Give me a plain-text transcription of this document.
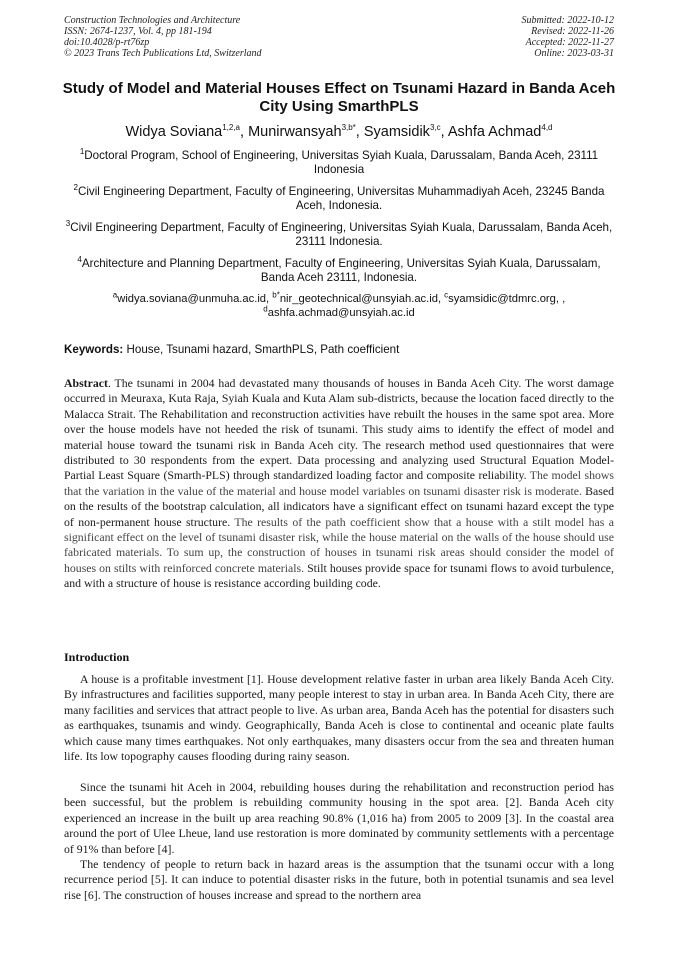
Construction Technologies and Architecture
ISSN: 2674-1237, Vol. 4, pp 181-194
doi:10.4028/p-rt76zp
© 2023 Trans Tech Publications Ltd, Switzerland
Submitted: 2022-10-12
Revised: 2022-11-26
Accepted: 2022-11-27
Online: 2023-03-31
Study of Model and Material Houses Effect on Tsunami Hazard in Banda Aceh City Using SmarthPLS
Widya Soviana$^{1,2,a}$, Munirwansyah$^{3,b*}$, Syamsidik$^{3,c}$, Ashfa Achmad$^{4,d}$
$^1$Doctoral Program, School of Engineering, Universitas Syiah Kuala, Darussalam, Banda Aceh, 23111 Indonesia
$^2$Civil Engineering Department, Faculty of Engineering, Universitas Muhammadiyah Aceh, 23245 Banda Aceh, Indonesia.
$^3$Civil Engineering Department, Faculty of Engineering, Universitas Syiah Kuala, Darussalam, Banda Aceh, 23111 Indonesia.
$^4$Architecture and Planning Department, Faculty of Engineering, Universitas Syiah Kuala, Darussalam, Banda Aceh 23111, Indonesia.
$^a$widya.soviana@unmuha.ac.id, $^{b*}$nir_geotechnical@unsyiah.ac.id, $^c$syamsidic@tdmrc.org, , $^d$ashfa.achmad@unsyiah.ac.id
Keywords: House, Tsunami hazard, SmarthPLS, Path coefficient
Abstract. The tsunami in 2004 had devastated many thousands of houses in Banda Aceh City. The worst damage occurred in Meuraxa, Kuta Raja, Syiah Kuala and Kuta Alam sub-districts, because the location faced directly to the Malacca Strait. The Rehabilitation and reconstruction activities have rebuilt the houses in the same spot area. More over the house models have not heeded the risk of tsunami. This study aims to identify the effect of model and material house toward the tsunami risk in Banda Aceh city. The research method used questionnaires that were distributed to 30 respondents from the expert. Data processing and analyzing used Structural Equation Model-Partial Least Square (Smarth-PLS) through standardized loading factor and composite reliability. The model shows that the variation in the value of the material and house model variables on tsunami disaster risk is moderate. Based on the results of the bootstrap calculation, all indicators have a significant effect on tsunami hazard except the type of non-permanent house structure. The results of the path coefficient show that a house with a stilt model has a significant effect on the level of tsunami disaster risk, while the house material on the walls of the house should use fabricated materials. To sum up, the construction of houses in tsunami risk areas should consider the model of houses on stilts with reinforced concrete materials. Stilt houses provide space for tsunami flows to avoid turbulence, and with a structure of house is resistance according building code.
Introduction

A house is a profitable investment [1]. House development relative faster in urban area likely Banda Aceh City. By infrastructures and facilities supported, many people interest to stay in urban area. In Banda Aceh City, there are many facilities and services that attract people to live. As urban area, Banda Aceh has the potential for disasters such as earthquakes, tsunamis and windy. Geographically, Banda Aceh is close to continental and oceanic plate faults which cause many times earthquakes. Not only earthquakes, many disasters occur from the sea and threaten human life. Its low topography causes flooding during rainy season.

Since the tsunami hit Aceh in 2004, rebuilding houses during the rehabilitation and reconstruction period has been successful, but the problem is rebuilding community housing in the spot area. [2]. Banda Aceh city experienced an increase in the built up area reaching 90.8% (1,016 ha) from 2005 to 2009 [3]. In the coastal area around the port of Ulee Lheue, land use restoration is more dominated by community settlements with a percentage of 91% than before [4].

The tendency of people to return back in hazard areas is the assumption that the tsunami occur with a long recurrence period [5]. It can induce to potential disaster risks in the future, both in potential tsunamis and sea level rise [6]. The construction of houses increase and spread to the northern area
